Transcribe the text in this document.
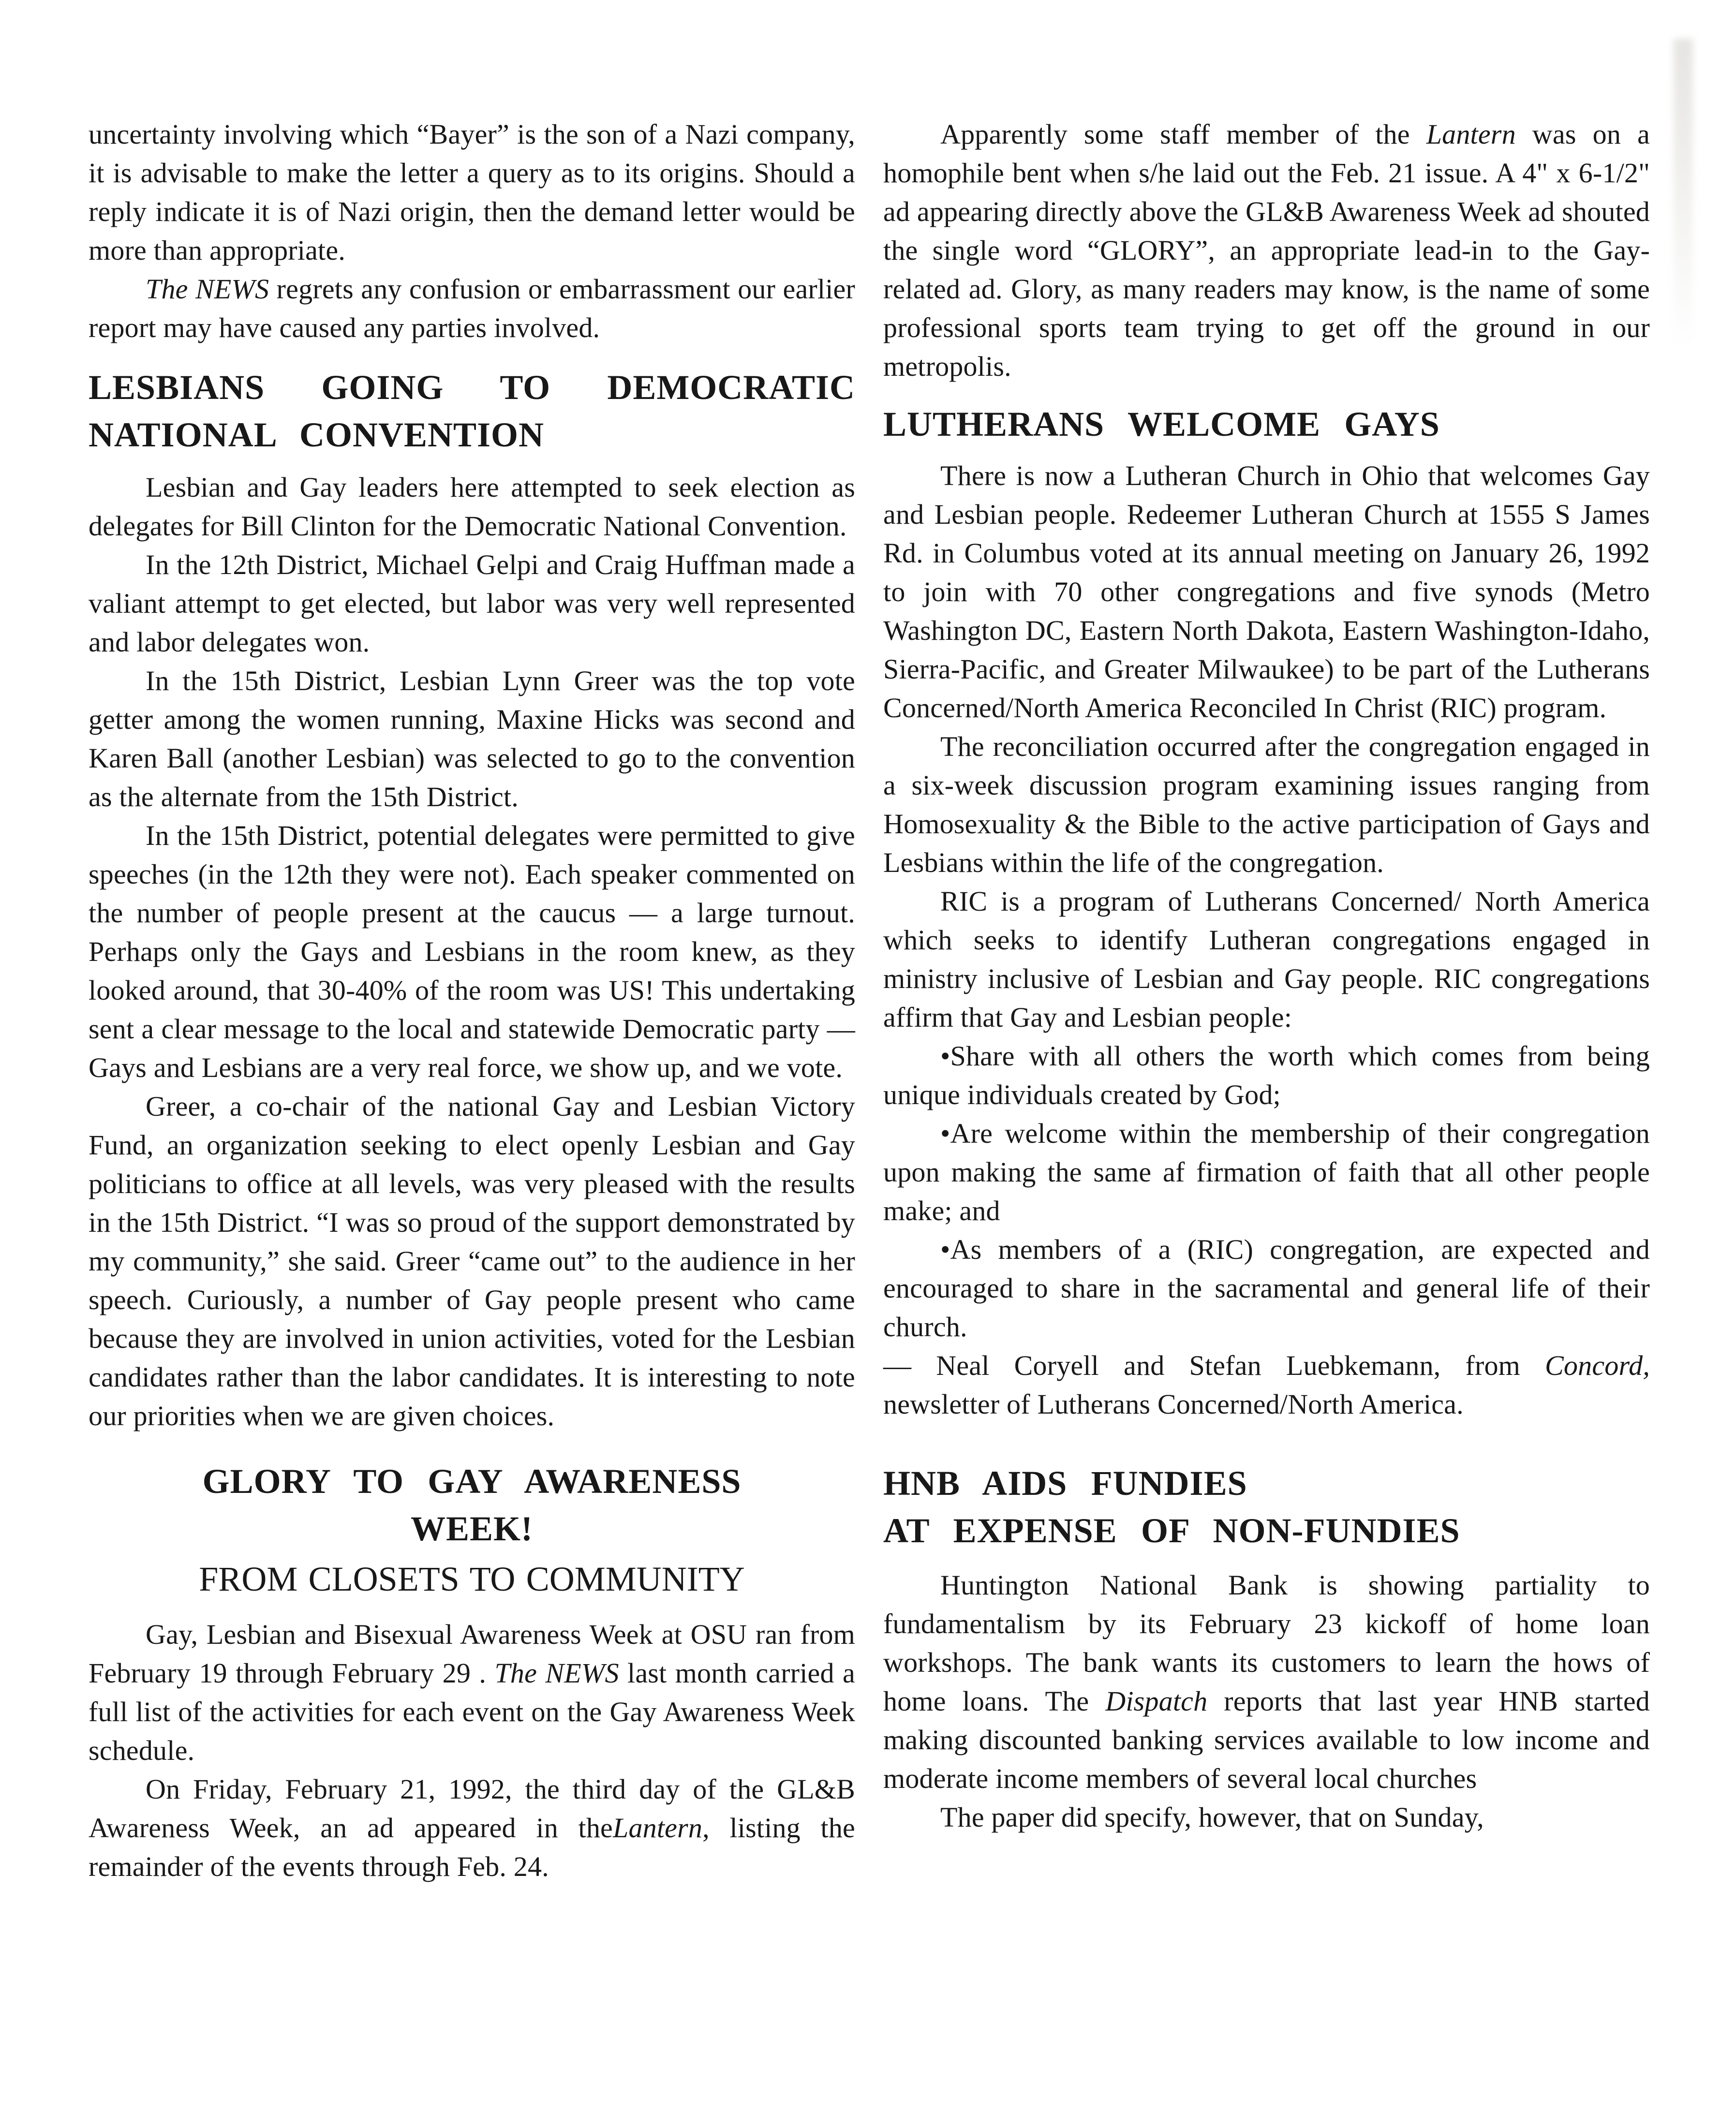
uncertainty involving which “Bayer” is the son of a Nazi company, it is advisable to make the letter a query as to its origins. Should a reply indicate it is of Nazi origin, then the demand letter would be more than appropriate.

The NEWS regrets any confusion or embarrassment our earlier report may have caused any parties involved.

LESBIANS GOING TO DEMOCRATIC
NATIONAL CONVENTION

Lesbian and Gay leaders here attempted to seek election as delegates for Bill Clinton for the Democratic National Convention.

In the 12th District, Michael Gelpi and Craig Huffman made a valiant attempt to get elected, but labor was very well represented and labor delegates won.

In the 15th District, Lesbian Lynn Greer was the top vote getter among the women running, Maxine Hicks was second and Karen Ball (another Lesbian) was selected to go to the convention as the alternate from the 15th District.

In the 15th District, potential delegates were permitted to give speeches (in the 12th they were not). Each speaker commented on the number of people present at the caucus — a large turnout. Perhaps only the Gays and Lesbians in the room knew, as they looked around, that 30-40% of the room was US! This undertaking sent a clear message to the local and statewide Democratic party — Gays and Lesbians are a very real force, we show up, and we vote.

Greer, a co-chair of the national Gay and Lesbian Victory Fund, an organization seeking to elect openly Lesbian and Gay politicians to office at all levels, was very pleased with the results in the 15th District. “I was so proud of the support demonstrated by my community,” she said. Greer “came out” to the audience in her speech. Curiously, a number of Gay people present who came because they are involved in union activities, voted for the Lesbian candidates rather than the labor candidates. It is interesting to note our priorities when we are given choices.

GLORY TO GAY AWARENESS
WEEK!
FROM CLOSETS TO COMMUNITY

Gay, Lesbian and Bisexual Awareness Week at OSU ran from February 19 through February 29 . The NEWS last month carried a full list of the activities for each event on the Gay Awareness Week schedule.

On Friday, February 21, 1992, the third day of the GL&B Awareness Week, an ad appeared in theLantern, listing the remainder of the events through Feb. 24.

Apparently some staff member of the Lantern was on a homophile bent when s/he laid out the Feb. 21 issue. A 4" x 6-1/2" ad appearing directly above the GL&B Awareness Week ad shouted the single word “GLORY”, an appropriate lead-in to the Gay-related ad. Glory, as many readers may know, is the name of some professional sports team trying to get off the ground in our metropolis.

LUTHERANS WELCOME GAYS

There is now a Lutheran Church in Ohio that welcomes Gay and Lesbian people. Redeemer Lutheran Church at 1555 S James Rd. in Columbus voted at its annual meeting on January 26, 1992 to join with 70 other congregations and five synods (Metro Washington DC, Eastern North Dakota, Eastern Washington-Idaho, Sierra-Pacific, and Greater Milwaukee) to be part of the Lutherans Concerned/North America Reconciled In Christ (RIC) program.

The reconciliation occurred after the congregation engaged in a six-week discussion program examining issues ranging from Homosexuality & the Bible to the active participation of Gays and Lesbians within the life of the congregation.

RIC is a program of Lutherans Concerned/ North America which seeks to identify Lutheran congregations engaged in ministry inclusive of Lesbian and Gay people. RIC congregations affirm that Gay and Lesbian people:

•Share with all others the worth which comes from being unique individuals created by God;

•Are welcome within the membership of their congregation upon making the same af firmation of faith that all other people make; and

•As members of a (RIC) congregation, are expected and encouraged to share in the sacramental and general life of their church.

— Neal Coryell and Stefan Luebkemann, from Concord, newsletter of Lutherans Concerned/North America.

HNB AIDS FUNDIES
AT EXPENSE OF NON-FUNDIES

Huntington National Bank is showing partiality to fundamentalism by its February 23 kickoff of home loan workshops. The bank wants its customers to learn the hows of home loans. The Dispatch reports that last year HNB started making discounted banking services available to low income and moderate income members of several local churches

The paper did specify, however, that on Sunday,
